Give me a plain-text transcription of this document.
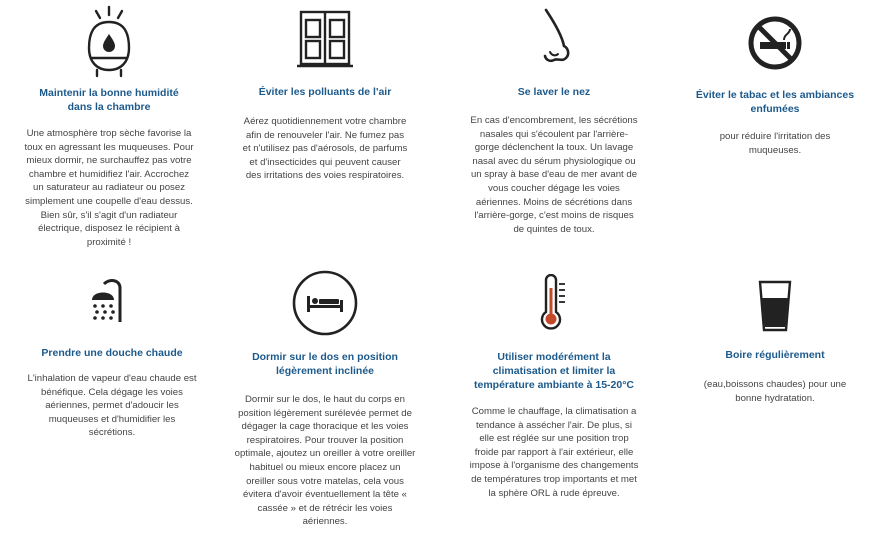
Maintenir la bonne humidité dans la chambre

Une atmosphère trop sèche favorise la toux en agressant les muqueuses. Pour mieux dormir, ne surchauffez pas votre chambre et humidifiez l'air. Accrochez un saturateur au radiateur ou posez simplement une coupelle d'eau dessus. Bien sûr, s'il s'agit d'un radiateur électrique, disposez le récipient à proximité !

Éviter les polluants de l'air

Aérez quotidiennement votre chambre afin de renouveler l'air. Ne fumez pas et n'utilisez pas d'aérosols, de parfums et d'insecticides qui peuvent causer des irritations des voies respiratoires.

Se laver le nez

En cas d'encombrement, les sécrétions nasales qui s'écoulent par l'arrière-gorge déclenchent la toux. Un lavage nasal avec du sérum physiologique ou un spray à base d'eau de mer avant de vous coucher dégage les voies aériennes. Moins de sécrétions dans l'arrière-gorge, c'est moins de risques de quintes de toux.

Éviter le tabac et les ambiances enfumées

pour réduire l'irritation des muqueuses.

Prendre une douche chaude

L'inhalation de vapeur d'eau chaude est bénéfique. Cela dégage les voies aériennes, permet d'adoucir les muqueuses et d'humidifier les sécrétions.

Dormir sur le dos en position légèrement inclinée

Dormir sur le dos, le haut du corps en position légèrement surélevée permet de dégager la cage thoracique et les voies respiratoires. Pour trouver la position optimale, ajoutez un oreiller à votre oreiller habituel ou mieux encore placez un oreiller sous votre matelas, cela vous évitera d'avoir éventuellement la tête « cassée » et de rétrécir les voies aériennes.

Utiliser modérément la climatisation et limiter la température ambiante à 15-20°C

Comme le chauffage, la climatisation a tendance à assécher l'air. De plus, si elle est réglée sur une position trop froide par rapport à l'air extérieur, elle impose à l'organisme des changements de températures trop importants et met la sphère ORL à rude épreuve.

Boire régulièrement

(eau,boissons chaudes) pour une bonne hydratation.
